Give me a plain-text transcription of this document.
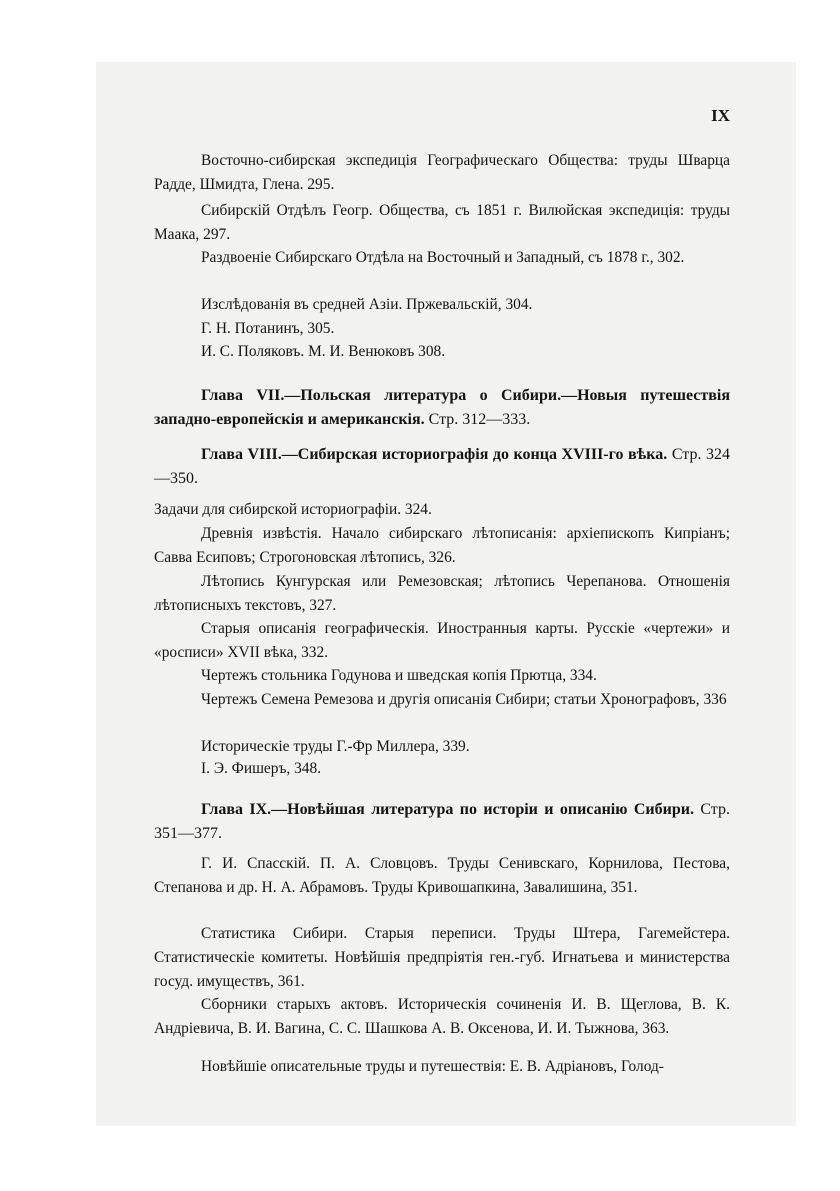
IX

Восточно-сибирская экспедиція Географическаго Общества: труды Шварца Радде, Шмидта, Глена. 295.

Сибирскій Отдѣлъ Геогр. Общества, съ 1851 г. Вилюйская экспедиція: труды Маака, 297.

Раздвоеніе Сибирскаго Отдѣла на Восточный и Западный, съ 1878 г., 302.

Изслѣдованія въ средней Азіи. Пржевальскій, 304.

Г. Н. Потанинъ, 305.

И. С. Поляковъ. М. И. Венюковъ 308.

Глава VII.—Польская литература о Сибири.—Новыя путешествія западно-европейскія и американскія. Стр. 312—333.

Глава VIII.—Сибирская историографія до конца XVIII-го вѣка. Стр. 324—350.

Задачи для сибирской историографіи. 324.

Древнія извѣстія. Начало сибирскаго лѣтописанія: архіепископъ Кипріанъ; Савва Есиповъ; Строгоновская лѣтопись, 326.

Лѣтопись Кунгурская или Ремезовская; лѣтопись Черепанова. Отношенія лѣтописныхъ текстовъ, 327.

Старыя описанія географическія. Иностранныя карты. Русскіе «чертежи» и «росписи» XVII вѣка, 332.

Чертежъ стольника Годунова и шведская копія Прютца, 334.

Чертежъ Семена Ремезова и другія описанія Сибири; статьи Хронографовъ, 336

Историческіе труды Г.-Фр Миллера, 339.

I. Э. Фишеръ, 348.

Глава IX.—Новѣйшая литература по исторіи и описанію Сибири. Стр. 351—377.

Г. И. Спасскій. П. А. Словцовъ. Труды Сенивскаго, Корнилова, Пестова, Степанова и др. Н. А. Абрамовъ. Труды Кривошапкина, Завалишина, 351.

Статистика Сибири. Старыя переписи. Труды Штера, Гагемейстера. Статистическіе комитеты. Новѣйшія предпріятія ген.-губ. Игнатьева и министерства госуд. имуществъ, 361.

Сборники старыхъ актовъ. Историческія сочиненія И. В. Щеглова, В. К. Андріевича, В. И. Вагина, С. С. Шашкова А. В. Оксенова, И. И. Тыжнова, 363.

Новѣйшіе описательные труды и путешествія: Е. В. Адріановъ, Голод-
